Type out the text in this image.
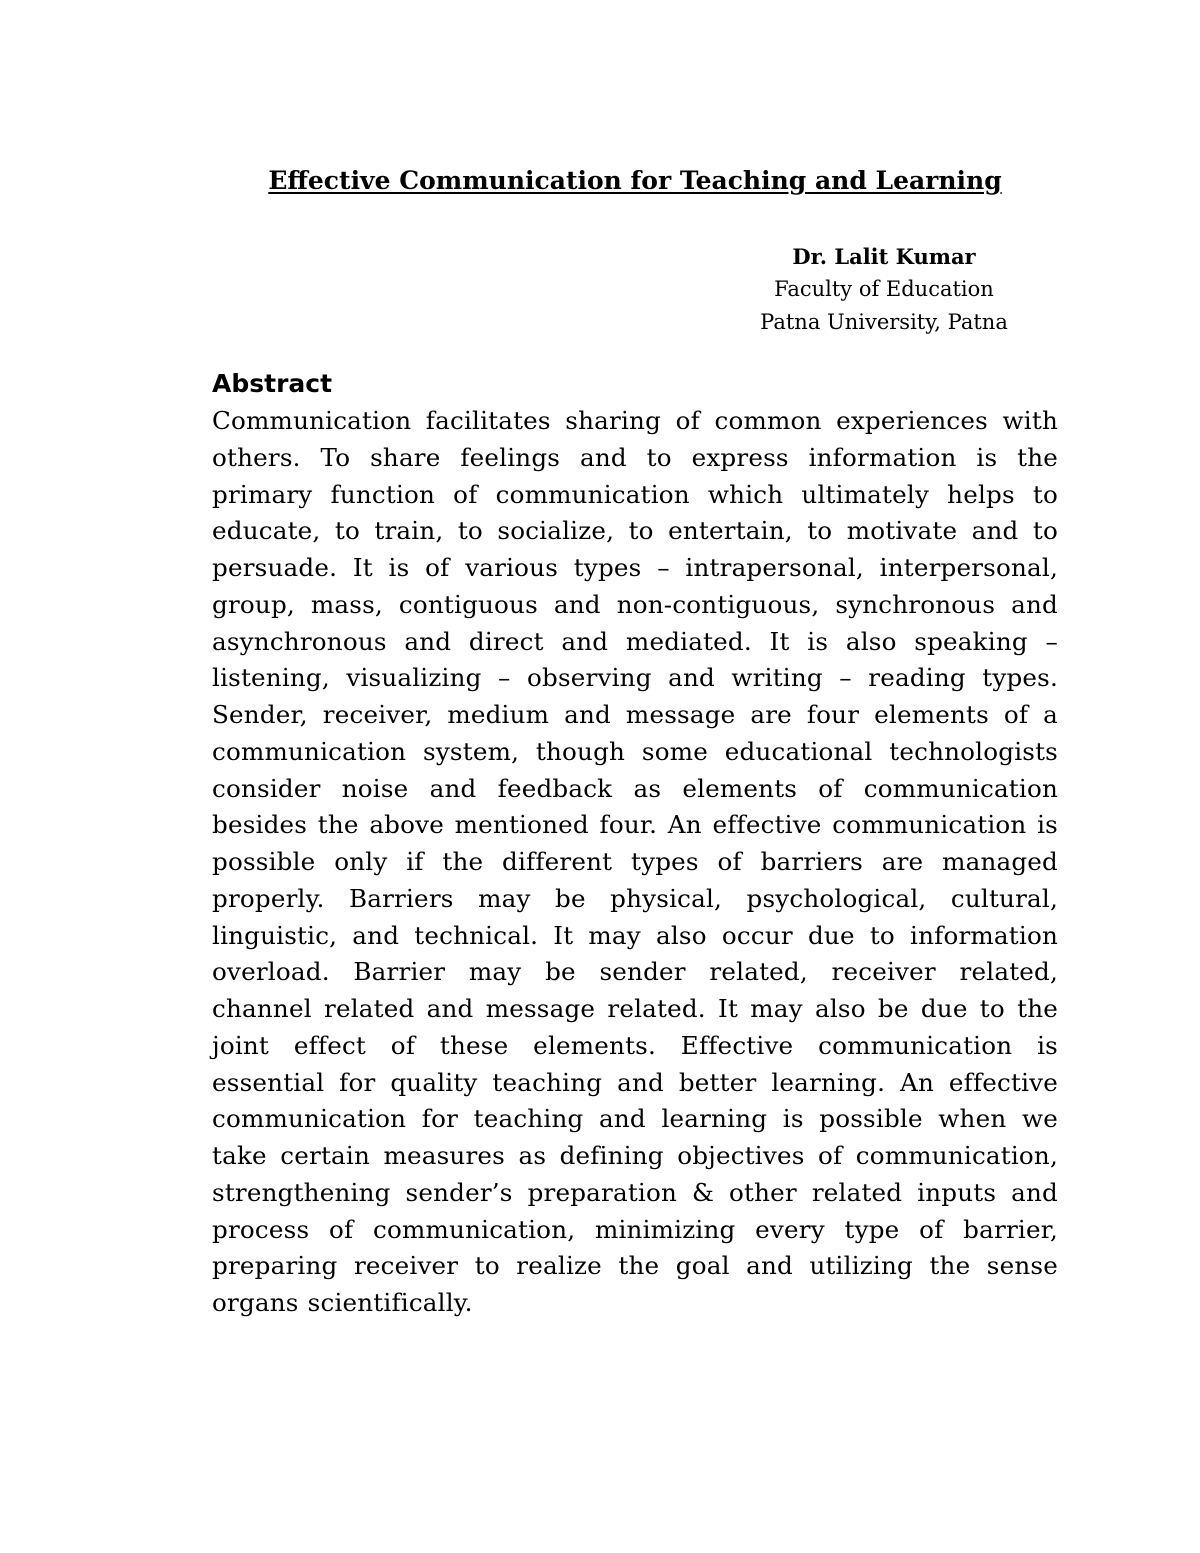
Effective Communication for Teaching and Learning
Dr. Lalit Kumar
Faculty of Education
Patna University, Patna
Abstract

Communication facilitates sharing of common experiences with others. To share feelings and to express information is the primary function of communication which ultimately helps to educate, to train, to socialize, to entertain, to motivate and to persuade. It is of various types – intrapersonal, interpersonal, group, mass, contiguous and non-contiguous, synchronous and asynchronous and direct and mediated. It is also speaking – listening, visualizing – observing and writing – reading types. Sender, receiver, medium and message are four elements of a communication system, though some educational technologists consider noise and feedback as elements of communication besides the above mentioned four. An effective communication is possible only if the different types of barriers are managed properly. Barriers may be physical, psychological, cultural, linguistic, and technical. It may also occur due to information overload. Barrier may be sender related, receiver related, channel related and message related. It may also be due to the joint effect of these elements. Effective communication is essential for quality teaching and better learning. An effective communication for teaching and learning is possible when we take certain measures as defining objectives of communication, strengthening sender’s preparation & other related inputs and process of communication, minimizing every type of barrier, preparing receiver to realize the goal and utilizing the sense organs scientifically.
